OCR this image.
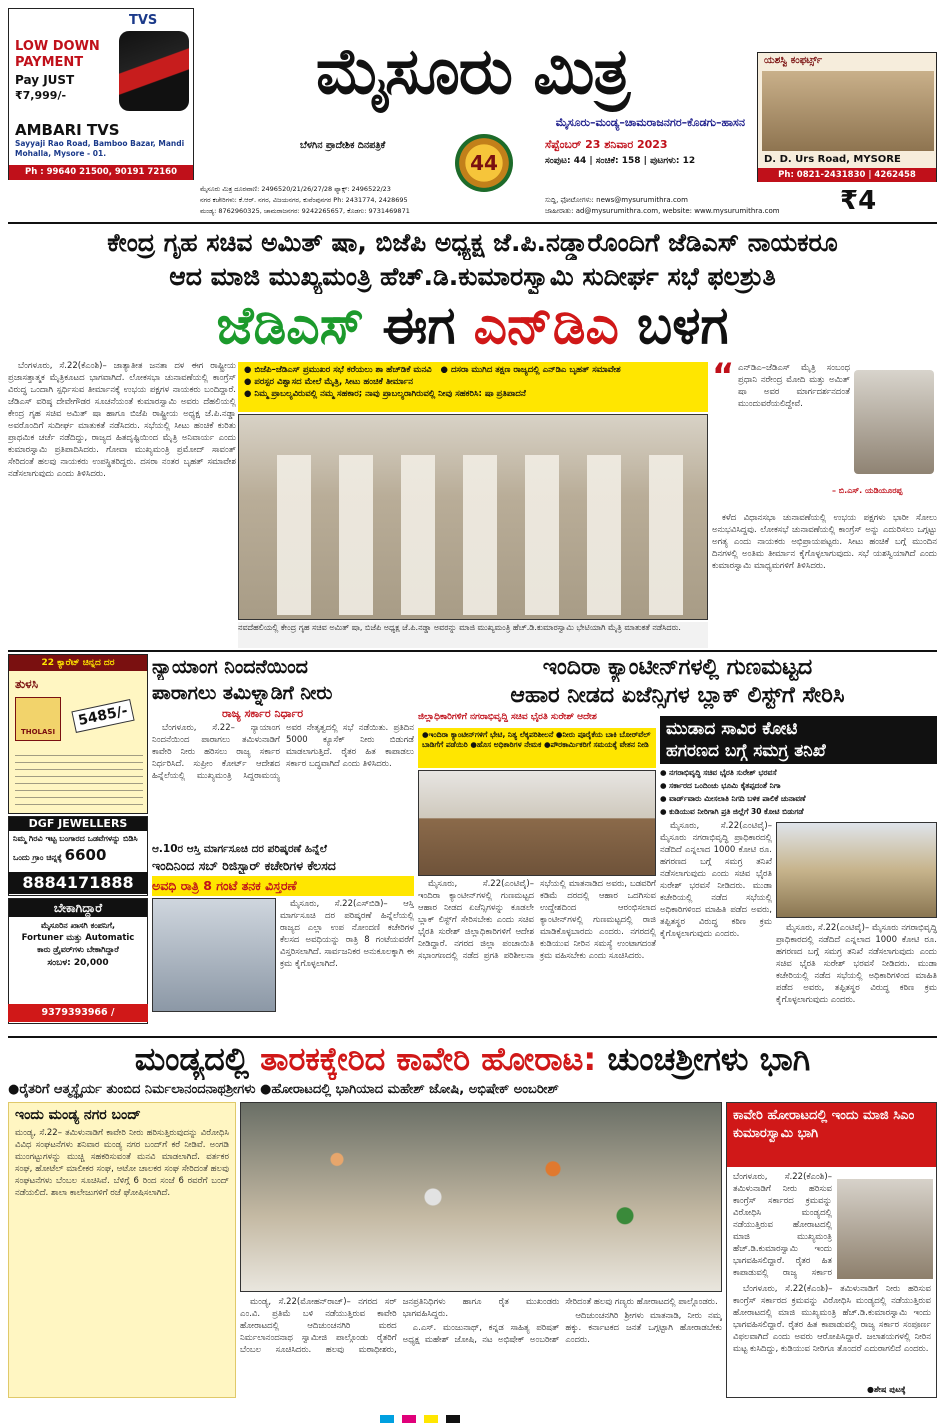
TVS
LOW DOWN
PAYMENT
Pay JUST
₹7,999/-
AMBARI TVS
Sayyaji Rao Road, Bamboo Bazar, Mandi Mohalla, Mysore - 01.
Ph : 99640 21500, 90191 72160
ಮೈಸೂರು ಮಿತ್ರ
ಮೈಸೂರು–ಮಂಡ್ಯ–ಚಾಮರಾಜನಗರ–ಕೊಡಗು–ಹಾಸನ
ಬೆಳಗಿನ ಪ್ರಾದೇಶಿಕ ದಿನಪತ್ರಿಕೆ
44
ಸೆಪ್ಟೆಂಬರ್ 23 ಶನಿವಾರ 2023
ಸಂಪುಟ: 44 | ಸಂಚಿಕೆ: 158 | ಪುಟಗಳು: 12
ಯಶಸ್ವಿ ಕಂಫರ್ಟ್ಸ್
D. D. Urs Road, MYSORE
Ph: 0821-2431830 | 4262458
ಮೈಸೂರು ಮಿತ್ರ ದೂರವಾಣಿ: 2496520/21/26/27/28 ಫ್ಯಾಕ್ಸ್: 2496522/23
ನಗರ ಕಚೇರಿಗಳು: ಕೆ.ಆರ್. ನಗರ, ವಿಜಯನಗರ, ಕುವೆಂಪುನಗರ Ph: 2431774, 2428695
ಮಂಡ್ಯ: 8762960325, ಚಾಮರಾಜನಗರ: 9242265657, ಕೊಡಗು: 9731469871
ಸುದ್ದಿ, ಫೋಟೋಗಳು: news@mysurumithra.com
ಜಾಹೀರಾತು: ad@mysurumithra.com, website: www.mysurumithra.com	₹4
ಕೇಂದ್ರ ಗೃಹ ಸಚಿವ ಅಮಿತ್ ಷಾ, ಬಿಜೆಪಿ ಅಧ್ಯಕ್ಷ ಜೆ.ಪಿ.ನಡ್ಡಾರೊಂದಿಗೆ ಜೆಡಿಎಸ್ ನಾಯಕರೂ
ಆದ ಮಾಜಿ ಮುಖ್ಯಮಂತ್ರಿ ಹೆಚ್.ಡಿ.ಕುಮಾರಸ್ವಾಮಿ ಸುದೀರ್ಘ ಸಭೆ ಫಲಶ್ರುತಿ
ಜೆಡಿಎಸ್ ಈಗ ಎನ್‌ಡಿಎ ಬಳಗ

ಬೆಂಗಳೂರು, ಸೆ.22(ಕೆಎಂಶಿ)– ಜಾತ್ಯಾತೀತ ಜನತಾ ದಳ ಈಗ ರಾಷ್ಟ್ರೀಯ ಪ್ರಜಾಸತ್ತಾತ್ಮಕ ಮೈತ್ರಿಕೂಟದ ಭಾಗವಾಗಿದೆ. ಲೋಕಸಭಾ ಚುನಾವಣೆಯಲ್ಲಿ ಕಾಂಗ್ರೆಸ್ ವಿರುದ್ಧ ಒಂದಾಗಿ ಸ್ಪರ್ಧಿಸುವ ತೀರ್ಮಾನಕ್ಕೆ ಉಭಯ ಪಕ್ಷಗಳ ನಾಯಕರು ಬಂದಿದ್ದಾರೆ. ಜೆಡಿಎಸ್ ವರಿಷ್ಠ ದೇವೇಗೌಡರ ಸೂಚನೆಯಂತೆ ಕುಮಾರಸ್ವಾಮಿ ಅವರು ದೆಹಲಿಯಲ್ಲಿ ಕೇಂದ್ರ ಗೃಹ ಸಚಿವ ಅಮಿತ್ ಷಾ ಹಾಗೂ ಬಿಜೆಪಿ ರಾಷ್ಟ್ರೀಯ ಅಧ್ಯಕ್ಷ ಜೆ.ಪಿ.ನಡ್ಡಾ ಅವರೊಂದಿಗೆ ಸುದೀರ್ಘ ಮಾತುಕತೆ ನಡೆಸಿದರು. ಸಭೆಯಲ್ಲಿ ಸೀಟು ಹಂಚಿಕೆ ಕುರಿತು ಪ್ರಾಥಮಿಕ ಚರ್ಚೆ ನಡೆದಿದ್ದು, ರಾಜ್ಯದ ಹಿತದೃಷ್ಟಿಯಿಂದ ಮೈತ್ರಿ ಅನಿವಾರ್ಯ ಎಂದು ಕುಮಾರಸ್ವಾಮಿ ಪ್ರತಿಪಾದಿಸಿದರು. ಗೋವಾ ಮುಖ್ಯಮಂತ್ರಿ ಪ್ರಮೋದ್ ಸಾವಂತ್ ಸೇರಿದಂತೆ ಹಲವು ನಾಯಕರು ಉಪಸ್ಥಿತರಿದ್ದರು. ದಸರಾ ನಂತರ ಬೃಹತ್ ಸಮಾವೇಶ ನಡೆಸಲಾಗುವುದು ಎಂದು ತಿಳಿಸಿದರು.

● ಬಿಜೆಪಿ–ಜೆಡಿಎಸ್ ಪ್ರಮುಖರ ಸಭೆ ಕರೆಯಲು ಶಾ ಹೆಚ್‌ಡಿಕೆ ಮನವಿ   ● ದಸರಾ ಮುಗಿದ ತಕ್ಷಣ ರಾಜ್ಯದಲ್ಲಿ ಎನ್‌ಡಿಎ ಬೃಹತ್ ಸಮಾವೇಶ
● ಪರಸ್ಪರ ವಿಶ್ವಾಸದ ಮೇಲೆ ಮೈತ್ರಿ, ಸೀಟು ಹಂಚಿಕೆ ತೀರ್ಮಾನ
● ನಿಮ್ಮ ಪ್ರಾಬಲ್ಯವಿರುವಲ್ಲಿ ನಮ್ಮ ಸಹಕಾರ; ನಾವು ಪ್ರಾಬಲ್ಯರಾಗಿರುವಲ್ಲಿ ನೀವು ಸಹಕರಿಸಿ: ಷಾ ಪ್ರತಿಪಾದನೆ
ನವದೆಹಲಿಯಲ್ಲಿ ಕೇಂದ್ರ ಗೃಹ ಸಚಿವ ಅಮಿತ್ ಷಾ, ಬಿಜೆಪಿ ಅಧ್ಯಕ್ಷ ಜೆ.ಪಿ.ನಡ್ಡಾ ಅವರನ್ನು ಮಾಜಿ ಮುಖ್ಯಮಂತ್ರಿ ಹೆಚ್.ಡಿ.ಕುಮಾರಸ್ವಾಮಿ ಭೇಟಿಯಾಗಿ ಮೈತ್ರಿ ಮಾತುಕತೆ ನಡೆಸಿದರು.
“ ಎನ್‌ಡಿಎ–ಜೆಡಿಎಸ್ ಮೈತ್ರಿ ಸಂಬಂಧ ಪ್ರಧಾನಿ ನರೇಂದ್ರ ಮೋದಿ ಮತ್ತು ಅಮಿತ್ ಷಾ ಅವರ ಮಾರ್ಗದರ್ಶನದಂತೆ ಮುಂದುವರೆಯಲಿದ್ದೇವೆ.
– ಬಿ.ಎಸ್. ಯಡಿಯೂರಪ್ಪ

ಕಳೆದ ವಿಧಾನಸಭಾ ಚುನಾವಣೆಯಲ್ಲಿ ಉಭಯ ಪಕ್ಷಗಳು ಭಾರೀ ಸೋಲು ಅನುಭವಿಸಿದ್ದವು. ಲೋಕಸಭೆ ಚುನಾವಣೆಯಲ್ಲಿ ಕಾಂಗ್ರೆಸ್ ಅನ್ನು ಎದುರಿಸಲು ಒಗ್ಗಟ್ಟು ಅಗತ್ಯ ಎಂದು ನಾಯಕರು ಅಭಿಪ್ರಾಯಪಟ್ಟರು. ಸೀಟು ಹಂಚಿಕೆ ಬಗ್ಗೆ ಮುಂದಿನ ದಿನಗಳಲ್ಲಿ ಅಂತಿಮ ತೀರ್ಮಾನ ಕೈಗೊಳ್ಳಲಾಗುವುದು. ಸಭೆ ಯಶಸ್ವಿಯಾಗಿದೆ ಎಂದು ಕುಮಾರಸ್ವಾಮಿ ಮಾಧ್ಯಮಗಳಿಗೆ ತಿಳಿಸಿದರು.

22 ಕ್ಯಾರೆಟ್ ಚಿನ್ನದ ದರ
ತುಳಸಿ
THOLASI
5485/-
DGF JEWELLERS
ನಿಮ್ಮ ಗಿರವಿ ಇಟ್ಟ ಬಂಗಾರದ ಒಡವೆಗಳನ್ನು ಬಿಡಿಸಿ
ಒಂದು ಗ್ರಾಂ ಚಿನ್ನಕ್ಕೆ 6600
8884171888
ಬೇಕಾಗಿದ್ದಾರೆ
ಮೈಸೂರಿನ ಖಾಸಗಿ ಕಂಪನಿಗೆ,
Fortuner ಮತ್ತು Automatic
ಕಾರು ಡ್ರೈವರ್‌ಗಳು ಬೇಕಾಗಿದ್ದಾರೆ
ಸಂಬಳ: 20,000
9379393966 / 7406240146
ನ್ಯಾಯಾಂಗ ನಿಂದನೆಯಿಂದ
ಪಾರಾಗಲು ತಮಿಳ್ನಾಡಿಗೆ ನೀರು
ರಾಜ್ಯ ಸರ್ಕಾರ ನಿರ್ಧಾರ

ಬೆಂಗಳೂರು, ಸೆ.22– ನ್ಯಾಯಾಂಗ ನಿಂದನೆಯಿಂದ ಪಾರಾಗಲು ತಮಿಳುನಾಡಿಗೆ ಕಾವೇರಿ ನೀರು ಹರಿಸಲು ರಾಜ್ಯ ಸರ್ಕಾರ ನಿರ್ಧರಿಸಿದೆ. ಸುಪ್ರೀಂ ಕೋರ್ಟ್ ಆದೇಶದ ಹಿನ್ನೆಲೆಯಲ್ಲಿ ಮುಖ್ಯಮಂತ್ರಿ ಸಿದ್ದರಾಮಯ್ಯ ಅವರ ನೇತೃತ್ವದಲ್ಲಿ ಸಭೆ ನಡೆಯಿತು. ಪ್ರತಿದಿನ 5000 ಕ್ಯೂಸೆಕ್ ನೀರು ಬಿಡುಗಡೆ ಮಾಡಲಾಗುತ್ತಿದೆ. ರೈತರ ಹಿತ ಕಾಪಾಡಲು ಸರ್ಕಾರ ಬದ್ಧವಾಗಿದೆ ಎಂದು ತಿಳಿಸಿದರು.

ಆ.10ರ ಆಸ್ತಿ ಮಾರ್ಗಸೂಚಿ ದರ ಪರಿಷ್ಕರಣೆ ಹಿನ್ನೆಲೆ
ಇಂದಿನಿಂದ ಸಬ್ ರಿಜಿಸ್ಟ್ರಾರ್ ಕಚೇರಿಗಳ ಕೆಲಸದ
ಅವಧಿ ರಾತ್ರಿ 8 ಗಂಟೆ ತನಕ ವಿಸ್ತರಣೆ

ಮೈಸೂರು, ಸೆ.22(ಎಸ್‌ಬಿಡಿ)– ಆಸ್ತಿ ಮಾರ್ಗಸೂಚಿ ದರ ಪರಿಷ್ಕರಣೆ ಹಿನ್ನೆಲೆಯಲ್ಲಿ ರಾಜ್ಯದ ಎಲ್ಲಾ ಉಪ ನೋಂದಣಿ ಕಚೇರಿಗಳ ಕೆಲಸದ ಅವಧಿಯನ್ನು ರಾತ್ರಿ 8 ಗಂಟೆಯವರೆಗೆ ವಿಸ್ತರಿಸಲಾಗಿದೆ. ಸಾರ್ವಜನಿಕರ ಅನುಕೂಲಕ್ಕಾಗಿ ಈ ಕ್ರಮ ಕೈಗೊಳ್ಳಲಾಗಿದೆ.

ಇಂದಿರಾ ಕ್ಯಾಂಟೀನ್‌ಗಳಲ್ಲಿ ಗುಣಮಟ್ಟದ
ಆಹಾರ ನೀಡದ ಏಜೆನ್ಸಿಗಳ ಬ್ಲಾಕ್ ಲಿಸ್ಟ್‌ಗೆ ಸೇರಿಸಿ
ಜಿಲ್ಲಾಧಿಕಾರಿಗಳಿಗೆ ನಗರಾಭಿವೃದ್ಧಿ ಸಚಿವ ಭೈರತಿ ಸುರೇಶ್ ಆದೇಶ
●ಇಂದಿರಾ ಕ್ಯಾಂಟೀನ್‌ಗಳಿಗೆ ಭೇಟಿ, ನಿತ್ಯ ಲೆಕ್ಕಪರಿಶೀಲನೆ ●ನೀರು ಪೂರೈಕೆಯ ಬಾಕಿ ಬೋರ್‌ವೆಲ್ ಬಾಡಿಗೆಗೆ ಪಡೆಯಿರಿ ●ಹೊಸ ಅಧಿಕಾರಿಗಳ ನೇಮಕ ●ಪೌರಕಾರ್ಮಿಕರಿಗೆ ಸಮಯಕ್ಕೆ ವೇತನ ನೀಡಿ

ಮೈಸೂರು, ಸೆ.22(ಎಂಟಿವೈ)– ಇಂದಿರಾ ಕ್ಯಾಂಟೀನ್‌ಗಳಲ್ಲಿ ಗುಣಮಟ್ಟದ ಆಹಾರ ನೀಡದ ಏಜೆನ್ಸಿಗಳನ್ನು ಕೂಡಲೇ ಬ್ಲಾಕ್ ಲಿಸ್ಟ್‌ಗೆ ಸೇರಿಸಬೇಕು ಎಂದು ಸಚಿವ ಭೈರತಿ ಸುರೇಶ್ ಜಿಲ್ಲಾಧಿಕಾರಿಗಳಿಗೆ ಆದೇಶ ನೀಡಿದ್ದಾರೆ. ನಗರದ ಜಿಲ್ಲಾ ಪಂಚಾಯಿತಿ ಸಭಾಂಗಣದಲ್ಲಿ ನಡೆದ ಪ್ರಗತಿ ಪರಿಶೀಲನಾ ಸಭೆಯಲ್ಲಿ ಮಾತನಾಡಿದ ಅವರು, ಬಡವರಿಗೆ ಕಡಿಮೆ ದರದಲ್ಲಿ ಆಹಾರ ಒದಗಿಸುವ ಉದ್ದೇಶದಿಂದ ಆರಂಭಿಸಲಾದ ಕ್ಯಾಂಟೀನ್‌ಗಳಲ್ಲಿ ಗುಣಮಟ್ಟದಲ್ಲಿ ರಾಜಿ ಮಾಡಿಕೊಳ್ಳಬಾರದು ಎಂದರು. ನಗರದಲ್ಲಿ ಕುಡಿಯುವ ನೀರಿನ ಸಮಸ್ಯೆ ಉಂಟಾಗದಂತೆ ಕ್ರಮ ವಹಿಸಬೇಕು ಎಂದು ಸೂಚಿಸಿದರು.

ಮುಡಾದ ಸಾವಿರ ಕೋಟಿ
ಹಗರಣದ ಬಗ್ಗೆ ಸಮಗ್ರ ತನಿಖೆ
● ನಗರಾಭಿವೃದ್ಧಿ ಸಚಿವ ಭೈರತಿ ಸುರೇಶ್ ಭರವಸೆ
● ಸರ್ಕಾರದ ಒಂದಿಂಚು ಭೂಮಿ ಕೈತಪ್ಪದಂತೆ ನಿಗಾ
● ವಾರ್ಡ್‌ವಾರು ಮೀಸಲಾತಿ ನಿಗದಿ ಬಳಿಕ ಪಾಲಿಕೆ ಚುನಾವಣೆ
● ಕುಡಿಯುವ ನೀರಿಗಾಗಿ ಪ್ರತಿ ಜಿಲ್ಲೆಗೆ 30 ಕೋಟಿ ಬಿಡುಗಡೆ

ಮೈಸೂರು, ಸೆ.22(ಎಂಟಿವೈ)– ಮೈಸೂರು ನಗರಾಭಿವೃದ್ಧಿ ಪ್ರಾಧಿಕಾರದಲ್ಲಿ ನಡೆದಿದೆ ಎನ್ನಲಾದ 1000 ಕೋಟಿ ರೂ. ಹಗರಣದ ಬಗ್ಗೆ ಸಮಗ್ರ ತನಿಖೆ ನಡೆಸಲಾಗುವುದು ಎಂದು ಸಚಿವ ಭೈರತಿ ಸುರೇಶ್ ಭರವಸೆ ನೀಡಿದರು. ಮುಡಾ ಕಚೇರಿಯಲ್ಲಿ ನಡೆದ ಸಭೆಯಲ್ಲಿ ಅಧಿಕಾರಿಗಳಿಂದ ಮಾಹಿತಿ ಪಡೆದ ಅವರು, ತಪ್ಪಿತಸ್ಥರ ವಿರುದ್ಧ ಕಠಿಣ ಕ್ರಮ ಕೈಗೊಳ್ಳಲಾಗುವುದು ಎಂದರು.

ಮೈಸೂರು, ಸೆ.22(ಎಂಟಿವೈ)– ಮೈಸೂರು ನಗರಾಭಿವೃದ್ಧಿ ಪ್ರಾಧಿಕಾರದಲ್ಲಿ ನಡೆದಿದೆ ಎನ್ನಲಾದ 1000 ಕೋಟಿ ರೂ. ಹಗರಣದ ಬಗ್ಗೆ ಸಮಗ್ರ ತನಿಖೆ ನಡೆಸಲಾಗುವುದು ಎಂದು ಸಚಿವ ಭೈರತಿ ಸುರೇಶ್ ಭರವಸೆ ನೀಡಿದರು. ಮುಡಾ ಕಚೇರಿಯಲ್ಲಿ ನಡೆದ ಸಭೆಯಲ್ಲಿ ಅಧಿಕಾರಿಗಳಿಂದ ಮಾಹಿತಿ ಪಡೆದ ಅವರು, ತಪ್ಪಿತಸ್ಥರ ವಿರುದ್ಧ ಕಠಿಣ ಕ್ರಮ ಕೈಗೊಳ್ಳಲಾಗುವುದು ಎಂದರು.

ಮಂಡ್ಯದಲ್ಲಿ ತಾರಕಕ್ಕೇರಿದ ಕಾವೇರಿ ಹೋರಾಟ: ಚುಂಚಶ್ರೀಗಳು ಭಾಗಿ
●ರೈತರಿಗೆ ಆತ್ಮಸ್ಥೈರ್ಯ ತುಂಬಿದ ನಿರ್ಮಲಾನಂದನಾಥಶ್ರೀಗಳು ●ಹೋರಾಟದಲ್ಲಿ ಭಾಗಿಯಾದ ಮಹೇಶ್ ಜೋಷಿ, ಅಭಿಷೇಕ್ ಅಂಬರೀಶ್
ಇಂದು ಮಂಡ್ಯ ನಗರ ಬಂದ್
ಮಂಡ್ಯ, ಸೆ.22– ತಮಿಳುನಾಡಿಗೆ ಕಾವೇರಿ ನೀರು ಹರಿಸುತ್ತಿರುವುದನ್ನು ವಿರೋಧಿಸಿ ವಿವಿಧ ಸಂಘಟನೆಗಳು ಶನಿವಾರ ಮಂಡ್ಯ ನಗರ ಬಂದ್‌ಗೆ ಕರೆ ನೀಡಿವೆ. ಅಂಗಡಿ ಮುಂಗಟ್ಟುಗಳನ್ನು ಮುಚ್ಚಿ ಸಹಕರಿಸುವಂತೆ ಮನವಿ ಮಾಡಲಾಗಿದೆ. ವರ್ತಕರ ಸಂಘ, ಹೋಟೆಲ್ ಮಾಲೀಕರ ಸಂಘ, ಆಟೋ ಚಾಲಕರ ಸಂಘ ಸೇರಿದಂತೆ ಹಲವು ಸಂಘಟನೆಗಳು ಬೆಂಬಲ ಸೂಚಿಸಿವೆ. ಬೆಳಿಗ್ಗೆ 6 ರಿಂದ ಸಂಜೆ 6 ರವರೆಗೆ ಬಂದ್ ನಡೆಯಲಿದೆ. ಶಾಲಾ ಕಾಲೇಜುಗಳಿಗೆ ರಜೆ ಘೋಷಿಸಲಾಗಿದೆ.

ಮಂಡ್ಯ, ಸೆ.22(ಮೋಹನ್‌ರಾಜ್)– ನಗರದ ಸರ್ ಎಂ.ವಿ. ಪ್ರತಿಮೆ ಬಳಿ ನಡೆಯುತ್ತಿರುವ ಕಾವೇರಿ ಹೋರಾಟದಲ್ಲಿ ಆದಿಚುಂಚನಗಿರಿ ಮಠದ ನಿರ್ಮಲಾನಂದನಾಥ ಸ್ವಾಮೀಜಿ ಪಾಲ್ಗೊಂಡು ರೈತರಿಗೆ ಬೆಂಬಲ ಸೂಚಿಸಿದರು. ಹಲವು ಮಠಾಧೀಶರು, ಜನಪ್ರತಿನಿಧಿಗಳು ಹಾಗೂ ರೈತ ಮುಖಂಡರು ಭಾಗವಹಿಸಿದ್ದರು.

ಎ.ಎಸ್. ಮಂಜುನಾಥ್, ಕನ್ನಡ ಸಾಹಿತ್ಯ ಪರಿಷತ್ ಅಧ್ಯಕ್ಷ ಮಹೇಶ್ ಜೋಷಿ, ನಟ ಅಭಿಷೇಕ್ ಅಂಬರೀಶ್ ಸೇರಿದಂತೆ ಹಲವು ಗಣ್ಯರು ಹೋರಾಟದಲ್ಲಿ ಪಾಲ್ಗೊಂಡರು.

ಆದಿಚುಂಚನಗಿರಿ ಶ್ರೀಗಳು ಮಾತನಾಡಿ, ನೀರು ನಮ್ಮ ಹಕ್ಕು. ಕರ್ನಾಟಕದ ಜನತೆ ಒಗ್ಗಟ್ಟಾಗಿ ಹೋರಾಡಬೇಕು ಎಂದರು.

ಕಾವೇರಿ ಹೋರಾಟದಲ್ಲಿ ಇಂದು ಮಾಜಿ ಸಿಎಂ ಕುಮಾರಸ್ವಾಮಿ ಭಾಗಿ
ಬೆಂಗಳೂರು, ಸೆ.22(ಕೆಎಂಶಿ)– ತಮಿಳುನಾಡಿಗೆ ನೀರು ಹರಿಸುವ ಕಾಂಗ್ರೆಸ್ ಸರ್ಕಾರದ ಕ್ರಮವನ್ನು ವಿರೋಧಿಸಿ ಮಂಡ್ಯದಲ್ಲಿ ನಡೆಯುತ್ತಿರುವ ಹೋರಾಟದಲ್ಲಿ ಮಾಜಿ ಮುಖ್ಯಮಂತ್ರಿ ಹೆಚ್.ಡಿ.ಕುಮಾರಸ್ವಾಮಿ ಇಂದು ಭಾಗವಹಿಸಲಿದ್ದಾರೆ. ರೈತರ ಹಿತ ಕಾಪಾಡುವಲ್ಲಿ ರಾಜ್ಯ ಸರ್ಕಾರ

ಬೆಂಗಳೂರು, ಸೆ.22(ಕೆಎಂಶಿ)– ತಮಿಳುನಾಡಿಗೆ ನೀರು ಹರಿಸುವ ಕಾಂಗ್ರೆಸ್ ಸರ್ಕಾರದ ಕ್ರಮವನ್ನು ವಿರೋಧಿಸಿ ಮಂಡ್ಯದಲ್ಲಿ ನಡೆಯುತ್ತಿರುವ ಹೋರಾಟದಲ್ಲಿ ಮಾಜಿ ಮುಖ್ಯಮಂತ್ರಿ ಹೆಚ್.ಡಿ.ಕುಮಾರಸ್ವಾಮಿ ಇಂದು ಭಾಗವಹಿಸಲಿದ್ದಾರೆ. ರೈತರ ಹಿತ ಕಾಪಾಡುವಲ್ಲಿ ರಾಜ್ಯ ಸರ್ಕಾರ ಸಂಪೂರ್ಣ ವಿಫಲವಾಗಿದೆ ಎಂದು ಅವರು ಆರೋಪಿಸಿದ್ದಾರೆ. ಜಲಾಶಯಗಳಲ್ಲಿ ನೀರಿನ ಮಟ್ಟ ಕುಸಿದಿದ್ದು, ಕುಡಿಯುವ ನೀರಿಗೂ ತೊಂದರೆ ಎದುರಾಗಲಿದೆ ಎಂದರು.

●ಶೇಷ ಪುಟಕ್ಕೆ
